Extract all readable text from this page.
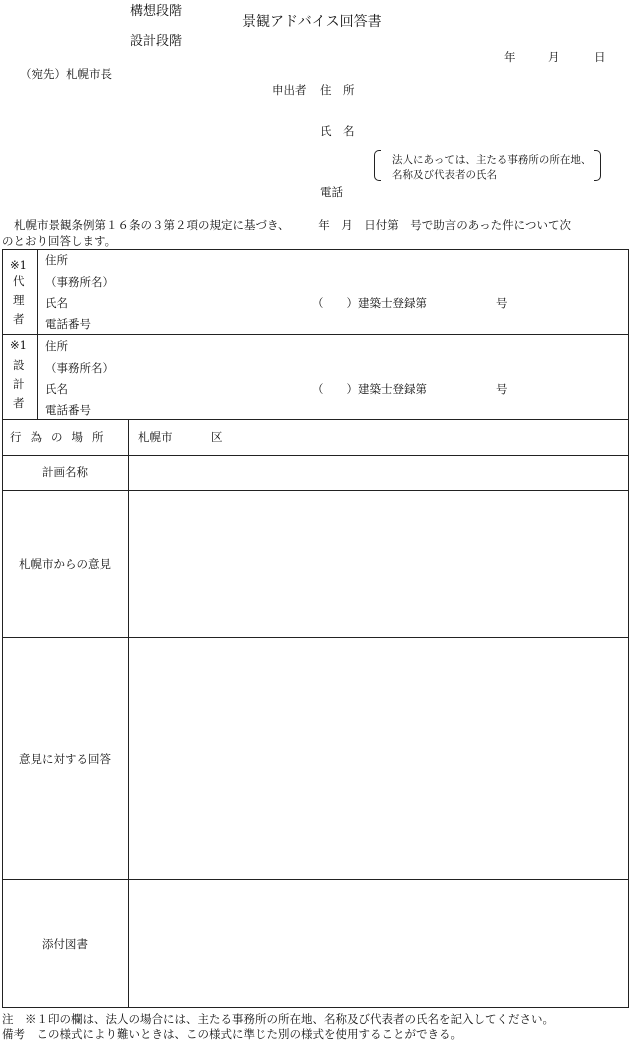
構想段階
景観アドバイス回答書
設計段階
年	月	日
（宛先）札幌市長
申出者 住　所
氏　名
法人にあっては、主たる事務所の所在地、
名称及び代表者の氏名
電話
札幌市景観条例第１６条の３第２項の規定に基づき、　　　年　月　日付第　号で助言のあった件について次
のとおり回答します。
※1
代
理
者
住所
（事務所名）
氏名	（　　） 建築士登録第	号
電話番号
※1
設
計
者
住所
（事務所名）
氏名	（　　） 建築士登録第	号
電話番号
行為の場所 札幌市	区
計画名称
札幌市からの意見
意見に対する回答
添付図書
注　※１印の欄は、法人の場合には、主たる事務所の所在地、名称及び代表者の氏名を記入してください。
備考　この様式により難いときは、この様式に準じた別の様式を使用することができる。
